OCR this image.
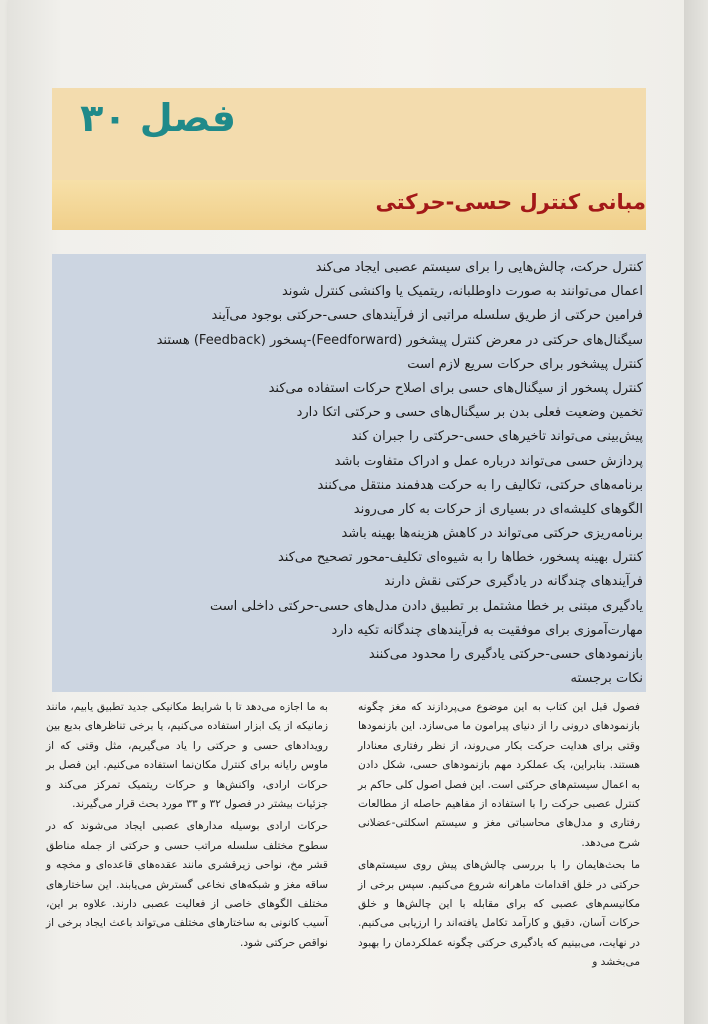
فصل ۳۰
مبانی کنترل حسی-حرکتی
کنترل حرکت، چالش‌هایی را برای سیستم عصبی ایجاد می‌کند
اعمال می‌توانند به صورت داوطلبانه، ریتمیک یا واکنشی کنترل شوند
فرامین حرکتی از طریق سلسله مراتبی از فرآیندهای حسی-حرکتی بوجود می‌آیند
سیگنال‌های حرکتی در معرض کنترل پیشخور (Feedforward)-پسخور (Feedback) هستند
کنترل پیشخور برای حرکات سریع لازم است
کنترل پسخور از سیگنال‌های حسی برای اصلاح حرکات استفاده می‌کند
تخمین وضعیت فعلی بدن بر سیگنال‌های حسی و حرکتی اتکا دارد
پیش‌بینی می‌تواند تاخیرهای حسی-حرکتی را جبران کند
پردازش حسی می‌تواند درباره عمل و ادراک متفاوت باشد
برنامه‌های حرکتی، تکالیف را به حرکت هدفمند منتقل می‌کنند
الگوهای کلیشه‌ای در بسیاری از حرکات به کار می‌روند
برنامه‌ریزی حرکتی می‌تواند در کاهش هزینه‌ها بهینه باشد
کنترل بهینه پسخور، خطاها را به شیوه‌ای تکلیف-محور تصحیح می‌کند
فرآیندهای چندگانه در یادگیری حرکتی نقش دارند
یادگیری مبتنی بر خطا مشتمل بر تطبیق دادن مدل‌های حسی-حرکتی داخلی است
مهارت‌آموزی برای موفقیت به فرآیندهای چندگانه تکیه دارد
بازنمودهای حسی-حرکتی یادگیری را محدود می‌کنند
نکات برجسته

فصول قبل این کتاب به این موضوع می‌پردازند که مغز چگونه بازنمودهای درونی را از دنیای پیرامون ما می‌سازد. این بازنمودها وقتی برای هدایت حرکت بکار می‌روند، از نظر رفتاری معنادار هستند. بنابراین، یک عملکرد مهم بازنمودهای حسی، شکل دادن به اعمال سیستم‌های حرکتی است. این فصل اصول کلی حاکم بر کنترل عصبی حرکت را با استفاده از مفاهیم حاصله از مطالعات رفتاری و مدل‌های محاسباتی مغز و سیستم اسکلتی-عضلانی شرح می‌دهد.

ما بحث‌هایمان را با بررسی چالش‌های پیش روی سیستم‌های حرکتی در خلق اقدامات ماهرانه شروع می‌کنیم. سپس برخی از مکانیسم‌های عصبی که برای مقابله با این چالش‌ها و خلق حرکات آسان، دقیق و کارآمد تکامل یافته‌اند را ارزیابی می‌کنیم. در نهایت، می‌بینیم که یادگیری حرکتی چگونه عملکردمان را بهبود می‌بخشد و

به ما اجازه می‌دهد تا با شرایط مکانیکی جدید تطبیق یابیم، مانند زمانیکه از یک ابزار استفاده می‌کنیم، یا برخی تناظرهای بدیع بین رویدادهای حسی و حرکتی را یاد می‌گیریم، مثل وقتی که از ماوس رایانه برای کنترل مکان‌نما استفاده می‌کنیم. این فصل بر حرکات ارادی، واکنش‌ها و حرکات ریتمیک تمرکز می‌کند و جزئیات بیشتر در فصول ۳۲ و ۳۳ مورد بحث قرار می‌گیرند.

حرکات ارادی بوسیله مدارهای عصبی ایجاد می‌شوند که در سطوح مختلف سلسله مراتب حسی و حرکتی از جمله مناطق قشر مخ، نواحی زیرقشری مانند عقده‌های قاعده‌ای و مخچه و ساقه مغز و شبکه‌های نخاعی گسترش می‌یابند. این ساختارهای مختلف الگوهای خاصی از فعالیت عصبی دارند. علاوه بر این، آسیب کانونی به ساختارهای مختلف می‌تواند باعث ایجاد برخی از نواقص حرکتی شود.
